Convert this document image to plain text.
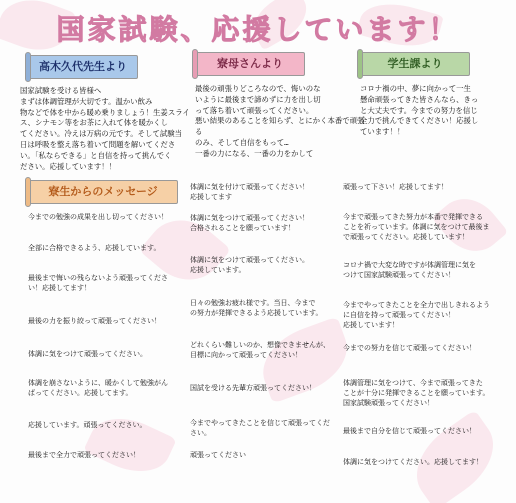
国家試験、応援しています！
高木久代先生より
国家試験を受ける皆様へ
まずは体調管理が大切です。温かい飲み
物などで体を中から暖め乗りましょう！生姜スライ
ス、シナモン等をお茶に入れて体を暖かくし
てください。冷えは万病の元です。そして試験当
日は呼吸を整え落ち着いて問題を解いてくださ
い。「私ならできる」と自信を持って挑んでく
ださい。応援しています！！
寮母さんより
最後の頑張りどころなので、悔いのな
いように最後まで諦めずに力を出し切
って落ち着いて頑張ってください。
悪い結果のあることを知らず、とにかく本番で頑張る
のみ、そして自信をもって…
一番の力になる、一番の力をかして
学生課より
コロナ禍の中、夢に向かって一生
懸命頑張ってきた皆さんなら、きっ
と大丈夫です。今までの努力を信じ
全力で挑んできてください！応援し
ています！！
寮生からのメッセージ
今までの勉強の成果を出し切ってください！
全部に合格できるよう、応援しています。
最後まで悔いの残らないよう頑張ってくださ
い！応援してます！
最後の力を振り絞って頑張ってください！
体調に気をつけて頑張ってください。
体調を崩さないように、暖かくして勉強がん
ばってください。応援してます。
応援しています。頑張ってください。
最後まで全力で頑張ってください！
体調に気を付けて頑張ってください！
応援してます
体調に気をつけて頑張ってください！
合格されることを願っています！
体調に気をつけて頑張ってください。
応援しています。
日々の勉強お疲れ様です。当日、今まで
の努力が発揮できるよう応援しています。
どれくらい難しいのか、想像できませんが、
目標に向かって頑張ってください！
国試を受ける先輩方頑張ってください！
今までやってきたことを信じて頑張ってくだ
さい。
頑張ってください
頑張って下さい！応援してます！
今まで頑張ってきた努力が本番で発揮できる
ことを祈っています。体調に気をつけて最後ま
で頑張ってください。応援しています！
コロナ禍で大変な時ですが体調管理に気を
つけて国家試験頑張ってください！
今までやってきたことを全力で出しきれるよう
に自信を持って頑張ってください！
応援しています！
今までの努力を信じて頑張ってください！
体調管理に気をつけて、今まで頑張ってきた
ことが十分に発揮できることを願っています。
国家試験頑張ってください！
最後まで自分を信じて頑張ってください！
体調に気をつけてください。応援してます！
